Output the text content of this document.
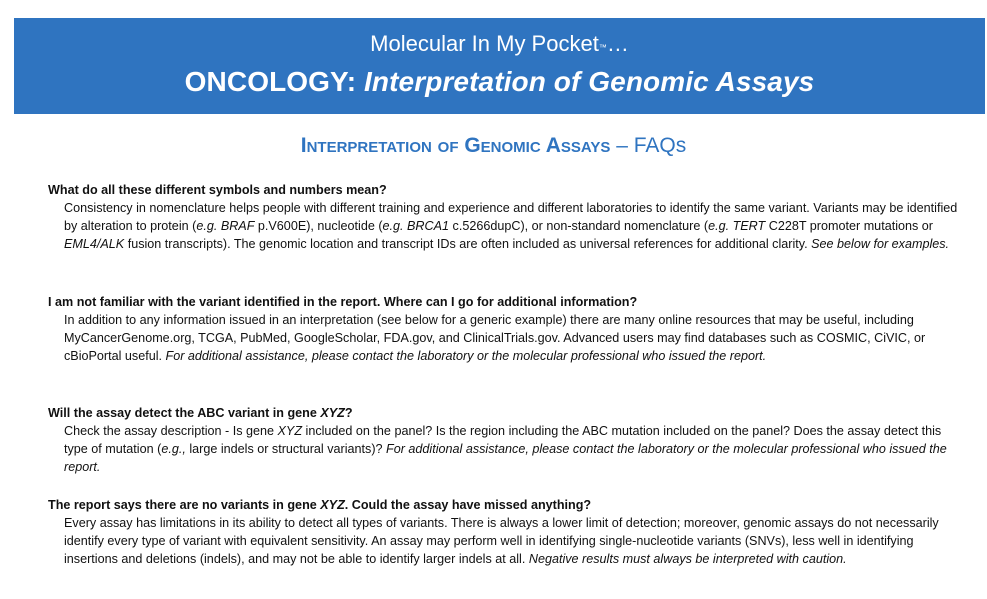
Molecular In My Pocket™…
ONCOLOGY: Interpretation of Genomic Assays
Interpretation of Genomic Assays – FAQs

What do all these different symbols and numbers mean?

Consistency in nomenclature helps people with different training and experience and different laboratories to identify the same variant. Variants may be identified by alteration to protein (e.g. BRAF p.V600E), nucleotide (e.g. BRCA1 c.5266dupC), or non-standard nomenclature (e.g. TERT C228T promoter mutations or EML4/ALK fusion transcripts). The genomic location and transcript IDs are often included as universal references for additional clarity. See below for examples.

I am not familiar with the variant identified in the report. Where can I go for additional information?

In addition to any information issued in an interpretation (see below for a generic example) there are many online resources that may be useful, including MyCancerGenome.org, TCGA, PubMed, GoogleScholar, FDA.gov, and ClinicalTrials.gov. Advanced users may find databases such as COSMIC, CiVIC, or cBioPortal useful. For additional assistance, please contact the laboratory or the molecular professional who issued the report.

Will the assay detect the ABC variant in gene XYZ?

Check the assay description - Is gene XYZ included on the panel? Is the region including the ABC mutation included on the panel? Does the assay detect this type of mutation (e.g., large indels or structural variants)? For additional assistance, please contact the laboratory or the molecular professional who issued the report.

The report says there are no variants in gene XYZ. Could the assay have missed anything?

Every assay has limitations in its ability to detect all types of variants. There is always a lower limit of detection; moreover, genomic assays do not necessarily identify every type of variant with equivalent sensitivity. An assay may perform well in identifying single-nucleotide variants (SNVs), less well in identifying insertions and deletions (indels), and may not be able to identify larger indels at all. Negative results must always be interpreted with caution.
